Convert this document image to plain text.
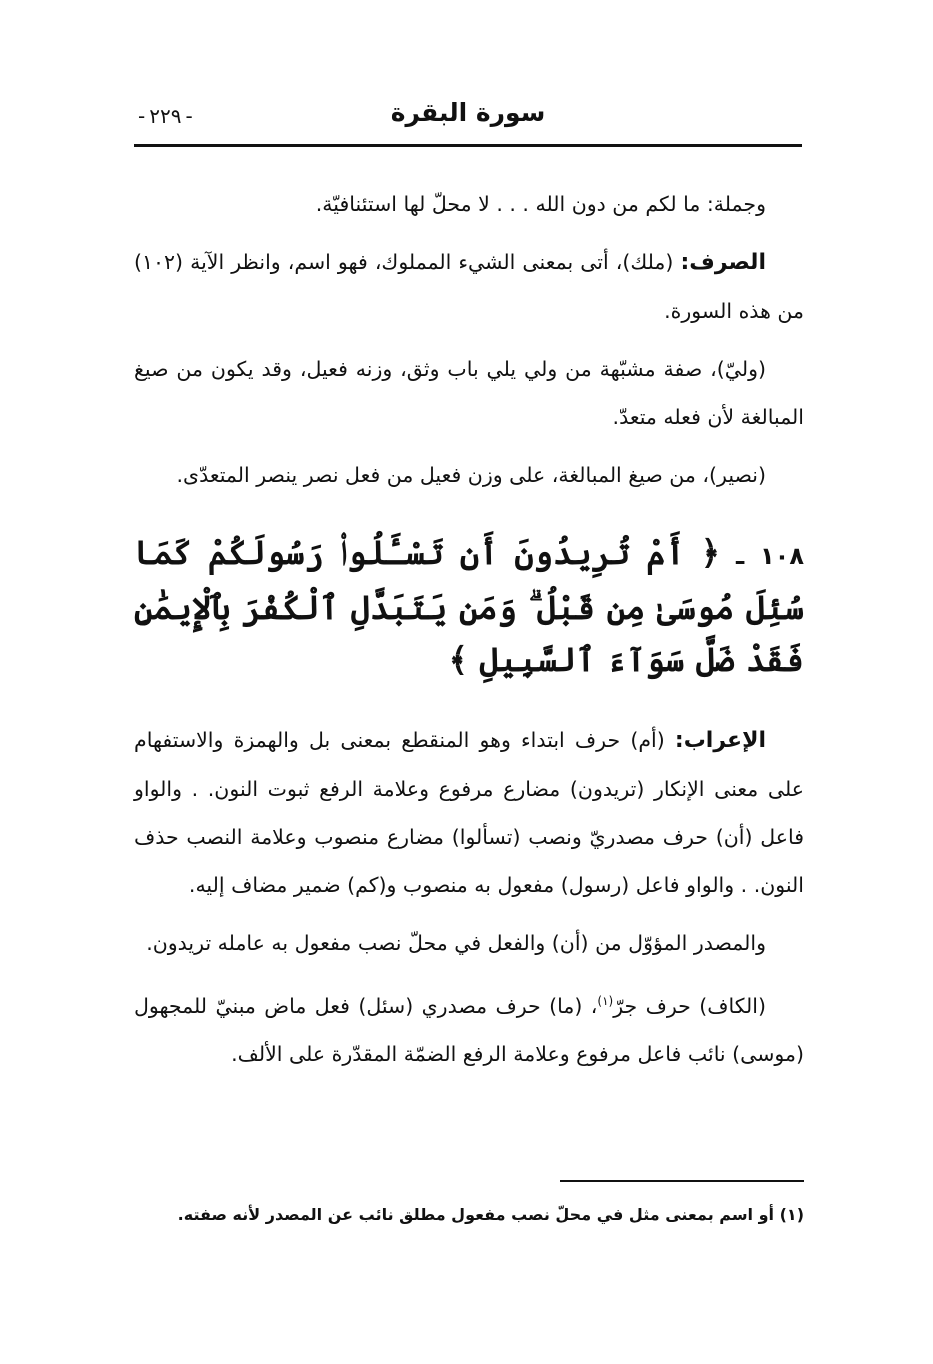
-٢٢٩-	سورة البقرة

وجملة: ما لكم من دون الله . . . لا محلّ لها استئنافيّة.

الصرف: (ملك)، أتى بمعنى الشيء المملوك، فهو اسم، وانظر الآية (١٠٢) من هذه السورة.

(وليّ)، صفة مشبّهة من ولي يلي باب وثق، وزنه فعيل، وقد يكون من صيغ المبالغة لأن فعله متعدّ.

(نصير)، من صيغ المبالغة، على وزن فعيل من فعل نصر ينصر المتعدّى.

١٠٨ ـ ﴿ أَمْ تُرِيدُونَ أَن تَسْـَٔلُوا۟ رَسُولَكُمْ كَمَا سُئِلَ مُوسَىٰ مِن قَبْلُ ۗ وَمَن يَتَبَدَّلِ ٱلْكُفْرَ بِٱلْإِيمَٰنِ فَقَدْ ضَلَّ سَوَآءَ ٱلسَّبِيلِ ﴾

الإعراب: (أم) حرف ابتداء وهو المنقطع بمعنى بل والهمزة والاستفهام على معنى الإنكار (تريدون) مضارع مرفوع وعلامة الرفع ثبوت النون. . والواو فاعل (أن) حرف مصدريّ ونصب (تسألوا) مضارع منصوب وعلامة النصب حذف النون. . والواو فاعل (رسول) مفعول به منصوب و(كم) ضمير مضاف إليه.

والمصدر المؤوّل من (أن) والفعل في محلّ نصب مفعول به عامله تريدون.

(الكاف) حرف جرّ$^{(١)}$، (ما) حرف مصدري (سئل) فعل ماض مبنيّ للمجهول (موسى) نائب فاعل مرفوع وعلامة الرفع الضمّة المقدّرة على الألف.

(١) أو اسم بمعنى مثل في محلّ نصب مفعول مطلق نائب عن المصدر لأنه صفته.
